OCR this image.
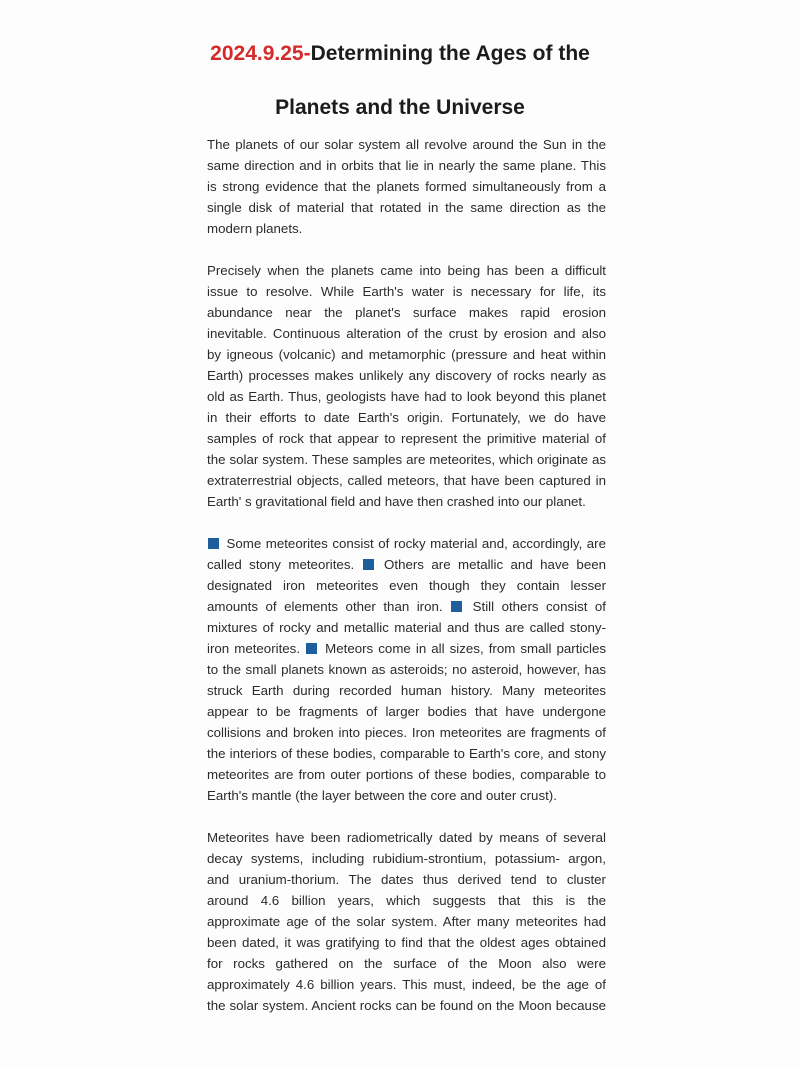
2024.9.25-Determining the Ages of the
Planets and the Universe
The planets of our solar system all revolve around the Sun in the
same direction and in orbits that lie in nearly the same plane. This
is strong evidence that the planets formed simultaneously from a
single disk of material that rotated in the same direction as the
modern planets.
Precisely when the planets came into being has been a difficult
issue to resolve. While Earth's water is necessary for life, its
abundance near the planet's surface makes rapid erosion
inevitable. Continuous alteration of the crust by erosion and also
by igneous (volcanic) and metamorphic (pressure and heat within
Earth) processes makes unlikely any discovery of rocks nearly as
old as Earth. Thus, geologists have had to look beyond this planet
in their efforts to date Earth's origin. Fortunately, we do have
samples of rock that appear to represent the primitive material of
the solar system. These samples are meteorites, which originate as
extraterrestrial objects, called meteors, that have been captured in
Earth' s gravitational field and have then crashed into our planet.
Some meteorites consist of rocky material and, accordingly, are
called stony meteorites. Others are metallic and have been
designated iron meteorites even though they contain lesser
amounts of elements other than iron. Still others consist of
mixtures of rocky and metallic material and thus are called stony-
iron meteorites. Meteors come in all sizes, from small particles
to the small planets known as asteroids; no asteroid, however, has
struck Earth during recorded human history. Many meteorites
appear to be fragments of larger bodies that have undergone
collisions and broken into pieces. Iron meteorites are fragments of
the interiors of these bodies, comparable to Earth's core, and stony
meteorites are from outer portions of these bodies, comparable to
Earth's mantle (the layer between the core and outer crust).
Meteorites have been radiometrically dated by means of several
decay systems, including rubidium-strontium, potassium- argon,
and uranium-thorium. The dates thus derived tend to cluster
around 4.6 billion years, which suggests that this is the
approximate age of the solar system. After many meteorites had
been dated, it was gratifying to find that the oldest ages obtained
for rocks gathered on the surface of the Moon also were
approximately 4.6 billion years. This must, indeed, be the age of
the solar system. Ancient rocks can be found on the Moon because
